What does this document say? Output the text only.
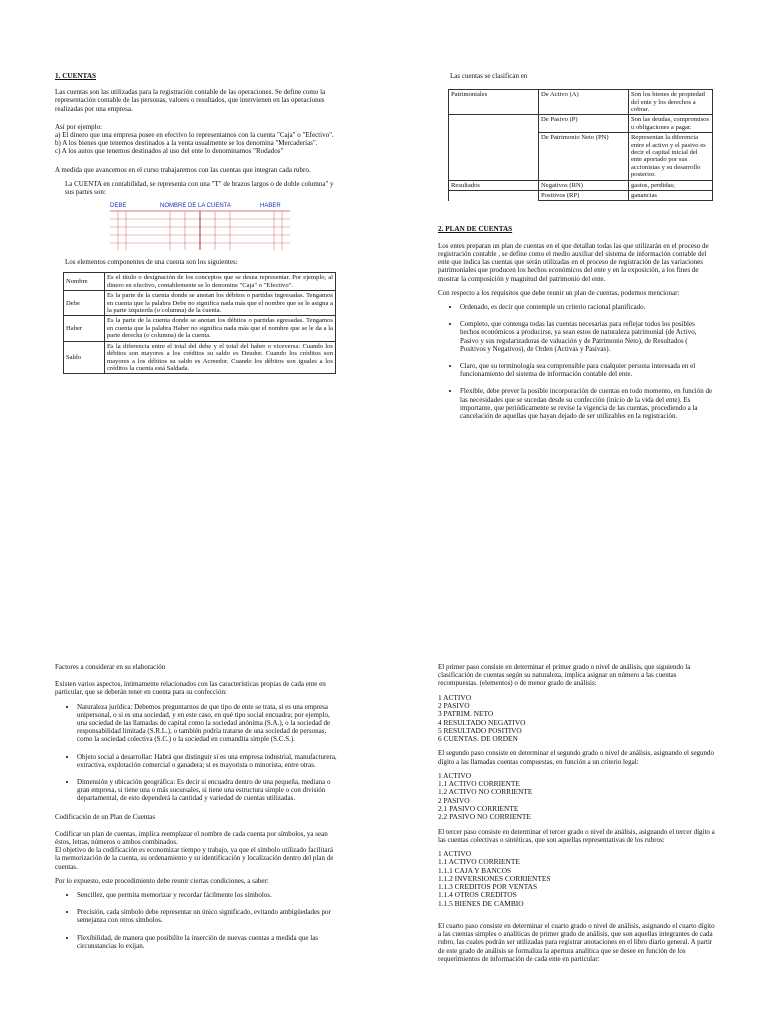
1. CUENTAS

Las cuentas son las utilizadas para la registración contable de las operaciones. Se define como la representación contable de las personas, valores o resultados, que intervienen en las operaciones realizadas por una empresa.

Así por ejemplo:
a) El dinero que una empresa posee en efectivo lo representamos con la cuenta "Caja" o "Efectivo".
b) A los bienes que tenemos destinados a la venta usualmente se los denomina "Mercaderías".
c) A los autos que tenemos destinados al uso del ente lo denominamos "Rodados"

A medida que avancemos en el curso trabajaremos con las cuentas que integran cada rubro.

La CUENTA en contabilidad, se representa con una "T" de brazos largos o de doble columna" y sus partes son:

DEBE	NOMBRE DE LA CUENTA	HABER

Los elementos componentes de una cuenta son los siguientes:

Nombre	Es el título o designación de los conceptos que se desea representar. Por ejemplo, al dinero en efectivo, contablemente se lo denomine "Caja" o "Efectivo".
Debe	Es la parte de la cuenta donde se anotan los débitos o partidas ingresadas. Tengamos en cuenta que la palabra Debe no significa nada más que el nombre que se le asigna a la parte izquierda (o columna) de la cuenta.
Haber	Es la parte de la cuenta donde se anotan los débitos o partidas egresadas. Tengamos en cuenta que la palabra Haber no significa nada más que el nombre que se le da a la parte derecha (o columna) de la cuenta.
Saldo	Es la diferencia entre el total del debe y el total del haber o viceversa: Cuando los débitos son mayores a los créditos su saldo es Deudor. Cuando los créditos son mayores a los débitos su saldo es Acreedor. Cuando los débitos son iguales a los créditos la cuenta está Saldada.
Las cuentas se clasifican en
Patrimoniales	De Activo (A)	Son los bienes de propiedad del ente y los derechos a cobrar.
	De Pasivo (P)	Son las deudas, compromisos u obligaciones a pagar.
	De Patrimonio Neto (PN)	Representan la diferencia entre el activo y el pasivo es decir el capital inicial del ente aportado por sus accionistas y su desarrollo posterior.
Resultados	Negativos (RN)	gastos, perdidas;
	Positivos (RP)	ganancias
2. PLAN DE CUENTAS

Los entes preparan un plan de cuentas en el que detallan todas las que utilizarán en el proceso de registración contable , se define como el medio auxiliar del sistema de información contable del ente que indica las cuentas que serán utilizadas en el proceso de registración de las variaciones patrimoniales que producen los hechos económicos del ente y en la exposición, a los fines de mostrar la composición y magnitud del patrimonio del ente.

Con respecto a los requisitos que debe reunir un plan de cuentas, podemos mencionar:

• Ordenado, es decir que contemple un criterio racional planificado.
• Completo, que contenga todas las cuentas necesarias para reflejar todos los posibles hechos económicos a producirse, ya sean estos de naturaleza patrimonial (de Activo, Pasivo y sus regularizadoras de valuación y de Patrimonio Neto), de Resultados ( Positivos y Negativos), de Orden (Activas y Pasivas).
• Claro, que su terminología sea comprensible para cualquier persona interesada en el funcionamiento del sistema de información contable del ente.
• Flexible, debe prever la posible incorporación de cuentas en todo momento, en función de las necesidades que se sucedan desde su confección (inicio de la vida del ente). Es importante, que periódicamente se revise la vigencia de las cuentas, procediendo a la cancelación de aquellas que hayan dejado de ser utilizables en la registración.

Factores a considerar en su elaboración

Existen varios aspectos, íntimamente relacionados con las características propias de cada ente en particular, que se deberán tener en cuenta para su confección:

• Naturaleza jurídica: Debemos preguntarnos de que tipo de ente se trata, si es una empresa unipersonal, o si es una sociedad, y en este caso, en qué tipo social encuadra; por ejemplo, una sociedad de las llamadas de capital como la sociedad anónima (S.A.), o la sociedad de responsabilidad limitada (S.R.L.), o también podría tratarse de una sociedad de personas, como la sociedad colectiva (S.C.) o la sociedad en comandita simple (S.C.S.).
• Objeto social a desarrollar: Habrá que distinguir si es una empresa industrial, manufacturera, extractiva, explotación comercial o ganadera; si es mayorista o minorista, entre otras.
• Dimensión y ubicación geográfica: Es decir si encuadra dentro de una pequeña, mediana o gran empresa, si tiene una o más sucursales, si tiene una estructura simple o con división departamental, de esto dependerá la cantidad y variedad de cuentas utilizadas.

Codificación de un Plan de Cuentas

Codificar un plan de cuentas, implica reemplazar el nombre de cada cuenta por símbolos, ya sean éstos, letras, números o ambos combinados.

El objetivo de la codificación es economizar tiempo y trabajo, ya que el símbolo utilizado facilitará la memorización de la cuenta, su ordenamiento y su identificación y localización dentro del plan de cuentas.

Por lo expuesto, este procedimiento debe reunir ciertas condiciones, a saber:

• Sencillez, que permita memorizar y recordar fácilmente los símbolos.
• Precisión, cada símbolo debe representar un único significado, evitando ambigüedades por semejanza con otros símbolos.
• Flexibilidad, de manera que posibilite la inserción de nuevas cuentas a medida que las circunstancias lo exijan.

El primer paso consiste en determinar el primer grado o nivel de análisis, que siguiendo la clasificación de cuentas según su naturaleza, implica asignar un número a las cuentas recompuestas. (elementos) o de menor grado de análisis:

1 ACTIVO
2 PASIVO
3 PATRIM. NETO
4 RESULTADO NEGATIVO
5 RESULTADO POSITIVO
6 CUENTAS. DE ORDEN

El segundo paso consiste en determinar el segundo grado o nivel de análisis, asignando el segundo dígito a las llamadas cuentas compuestas, en función a un criterio legal:

1 ACTIVO
1.1 ACTIVO CORRIENTE
1.2 ACTIVO NO CORRIENTE
2 PASIVO
2.1 PASIVO CORRIENTE
2.2 PASIVO NO CORRIENTE

El tercer paso consiste en determinar el tercer grado o nivel de análisis, asignando el tercer dígito a las cuentas colectivas o sintéticas, que son aquellas representativas de los rubros:

1 ACTIVO
1.1 ACTIVO CORRIENTE
1.1.1 CAJA Y BANCOS
1.1.2 INVERSIONES CORRIENTES
1.1.3 CREDITOS POR VENTAS
1.1.4 OTROS CREDITOS
1.1.5 BIENES DE CAMBIO

El cuarto paso consiste en determinar el cuarto grado o nivel de análisis, asignando el cuarto dígito a las cuentas simples o analíticas de primer grado de análisis, que son aquellas integrantes de cada rubro, las cuales podrán ser utilizadas para registrar anotaciones en el libro diario general. A partir de este grado de análisis se formaliza la apertura analítica que se desee en función de los requerimientos de información de cada ente en particular:
